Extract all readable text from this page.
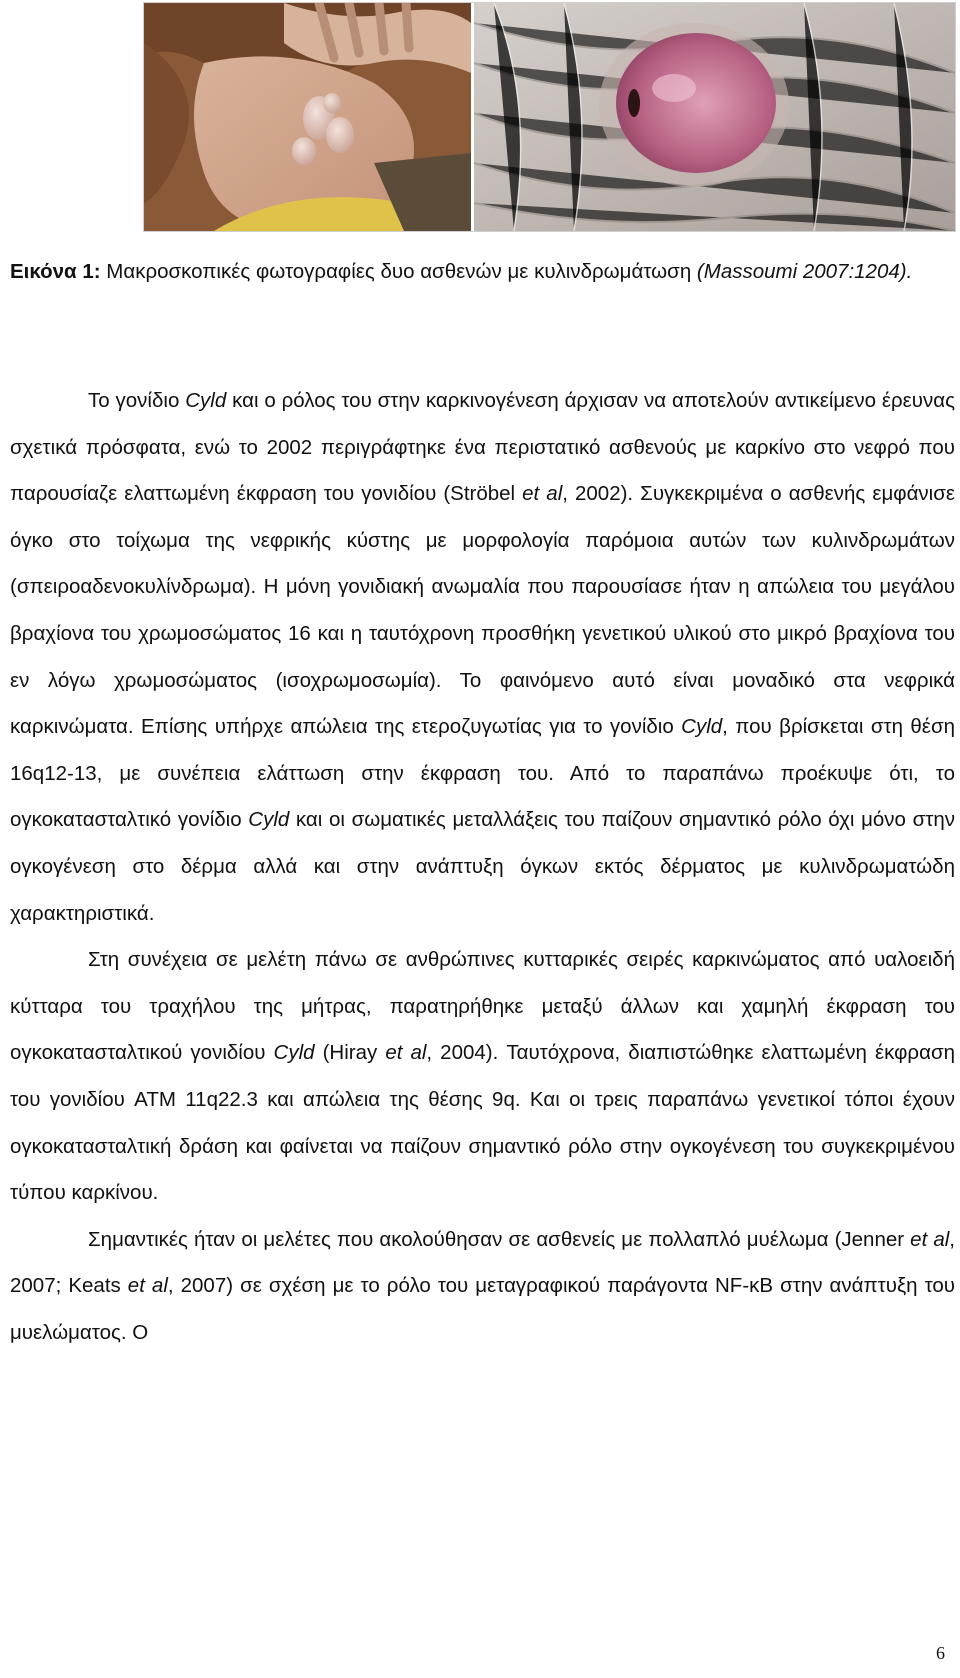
Εικόνα 1: Μακροσκοπικές φωτογραφίες δυο ασθενών με κυλινδρωμάτωση (Massoumi 2007:1204).

Το γονίδιο Cyld και ο ρόλος του στην καρκινογένεση άρχισαν να αποτελούν αντικείμενο έρευνας σχετικά πρόσφατα, ενώ το 2002 περιγράφτηκε ένα περιστατικό ασθενούς με καρκίνο στο νεφρό που παρουσίαζε ελαττωμένη έκφραση του γονιδίου (Ströbel et al, 2002). Συγκεκριμένα ο ασθενής εμφάνισε όγκο στο τοίχωμα της νεφρικής κύστης με μορφολογία παρόμοια αυτών των κυλινδρωμάτων (σπειροαδενοκυλίνδρωμα). Η μόνη γονιδιακή ανωμαλία που παρουσίασε ήταν η απώλεια του μεγάλου βραχίονα του χρωμοσώματος 16 και η ταυτόχρονη προσθήκη γενετικού υλικού στο μικρό βραχίονα του εν λόγω χρωμοσώματος (ισοχρωμοσωμία). Το φαινόμενο αυτό είναι μοναδικό στα νεφρικά καρκινώματα. Επίσης υπήρχε απώλεια της ετεροζυγωτίας για το γονίδιο Cyld, που βρίσκεται στη θέση 16q12-13, με συνέπεια ελάττωση στην έκφραση του. Από το παραπάνω προέκυψε ότι, το ογκοκατασταλτικό γονίδιο Cyld και οι σωματικές μεταλλάξεις του παίζουν σημαντικό ρόλο όχι μόνο στην ογκογένεση στο δέρμα αλλά και στην ανάπτυξη όγκων εκτός δέρματος με κυλινδρωματώδη χαρακτηριστικά.

Στη συνέχεια σε μελέτη πάνω σε ανθρώπινες κυτταρικές σειρές καρκινώματος από υαλοειδή κύτταρα του τραχήλου της μήτρας, παρατηρήθηκε μεταξύ άλλων και χαμηλή έκφραση του ογκοκατασταλτικού γονιδίου Cyld (Hiray et al, 2004). Ταυτόχρονα, διαπιστώθηκε ελαττωμένη έκφραση του γονιδίου ATM 11q22.3 και απώλεια της θέσης 9q. Και οι τρεις παραπάνω γενετικοί τόποι έχουν ογκοκατασταλτική δράση και φαίνεται να παίζουν σημαντικό ρόλο στην ογκογένεση του συγκεκριμένου τύπου καρκίνου.

Σημαντικές ήταν οι μελέτες που ακολούθησαν σε ασθενείς με πολλαπλό μυέλωμα (Jenner et al, 2007; Keats et al, 2007) σε σχέση με το ρόλο του μεταγραφικού παράγοντα NF-κB στην ανάπτυξη του μυελώματος. Ο

6
